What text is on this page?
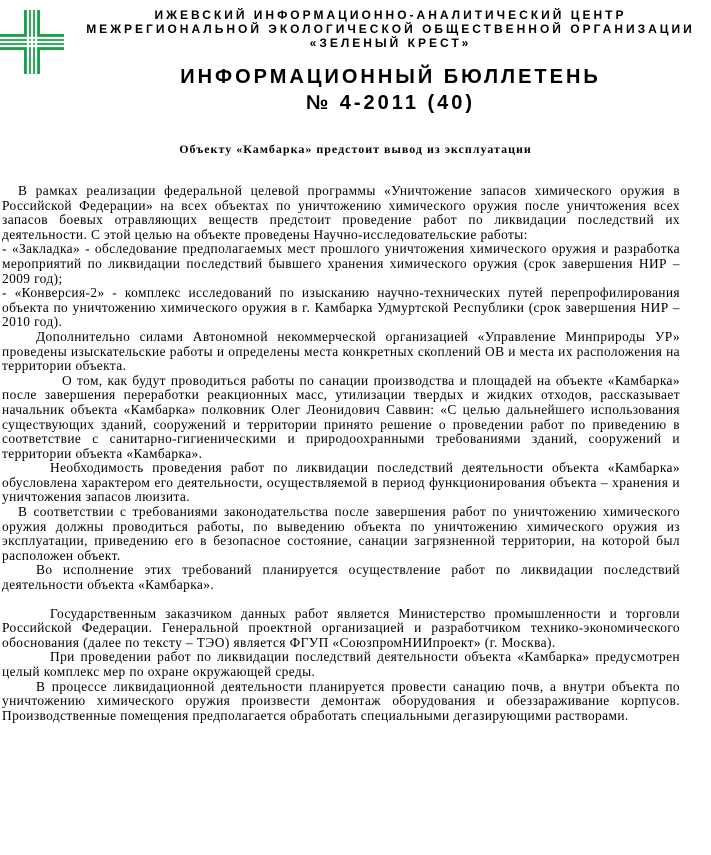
ИЖЕВСКИЙ ИНФОРМАЦИОННО-АНАЛИТИЧЕСКИЙ ЦЕНТР
МЕЖРЕГИОНАЛЬНОЙ ЭКОЛОГИЧЕСКОЙ ОБЩЕСТВЕННОЙ ОРГАНИЗАЦИИ
«ЗЕЛЕНЫЙ КРЕСТ»
ИНФОРМАЦИОННЫЙ БЮЛЛЕТЕНЬ
№ 4-2011 (40)
Объекту «Камбарка» предстоит вывод из эксплуатации

В рамках реализации федеральной целевой программы «Уничтожение запасов химического оружия в Российской Федерации» на всех объектах по уничтожению химического оружия после уничтожения всех запасов боевых отравляющих веществ предстоит проведение работ по ликвидации последствий их деятельности. С этой целью на объекте проведены Научно-исследовательские работы:

- «Закладка» - обследование предполагаемых мест прошлого уничтожения химического оружия и разработка мероприятий по ликвидации последствий бывшего хранения химического оружия (срок завершения НИР – 2009 год);

- «Конверсия-2» - комплекс исследований по изысканию научно-технических путей перепрофилирования объекта по уничтожению химического оружия в г. Камбарка Удмуртской Республики (срок завершения НИР – 2010 год).

Дополнительно силами Автономной некоммерческой организацией «Управление Минприроды УР» проведены изыскательские работы и определены места конкретных скоплений ОВ и места их расположения на территории объекта.

О том, как будут проводиться работы по санации производства и площадей на объекте «Камбарка» после завершения переработки реакционных масс, утилизации твердых и жидких отходов, рассказывает начальник объекта «Камбарка» полковник Олег Леонидович Саввин: «С целью дальнейшего использования существующих зданий, сооружений и территории принято решение о проведении работ по приведению в соответствие с санитарно-гигиеническими и природоохранными требованиями зданий, сооружений и территории объекта «Камбарка».

Необходимость проведения работ по ликвидации последствий деятельности объекта «Камбарка» обусловлена характером его деятельности, осуществляемой в период функционирования объекта – хранения и уничтожения запасов люизита.

В соответствии с требованиями законодательства после завершения работ по уничтожению химического оружия должны проводиться работы, по выведению объекта по уничтожению химического оружия из эксплуатации, приведению его в безопасное состояние, санации загрязненной территории, на которой был расположен объект.

Во исполнение этих требований планируется осуществление работ по ликвидации последствий деятельности объекта «Камбарка».

Государственным заказчиком данных работ является Министерство промышленности и торговли Российской Федерации. Генеральной проектной организацией и разработчиком технико-экономического обоснования (далее по тексту – ТЭО) является ФГУП «СоюзпромНИИпроект» (г. Москва).

При проведении работ по ликвидации последствий деятельности объекта «Камбарка» предусмотрен целый комплекс мер по охране окружающей среды.

В процессе ликвидационной деятельности планируется провести санацию почв, а внутри объекта по уничтожению химического оружия произвести демонтаж оборудования и обеззараживание корпусов. Производственные помещения предполагается обработать специальными дегазирующими растворами.
